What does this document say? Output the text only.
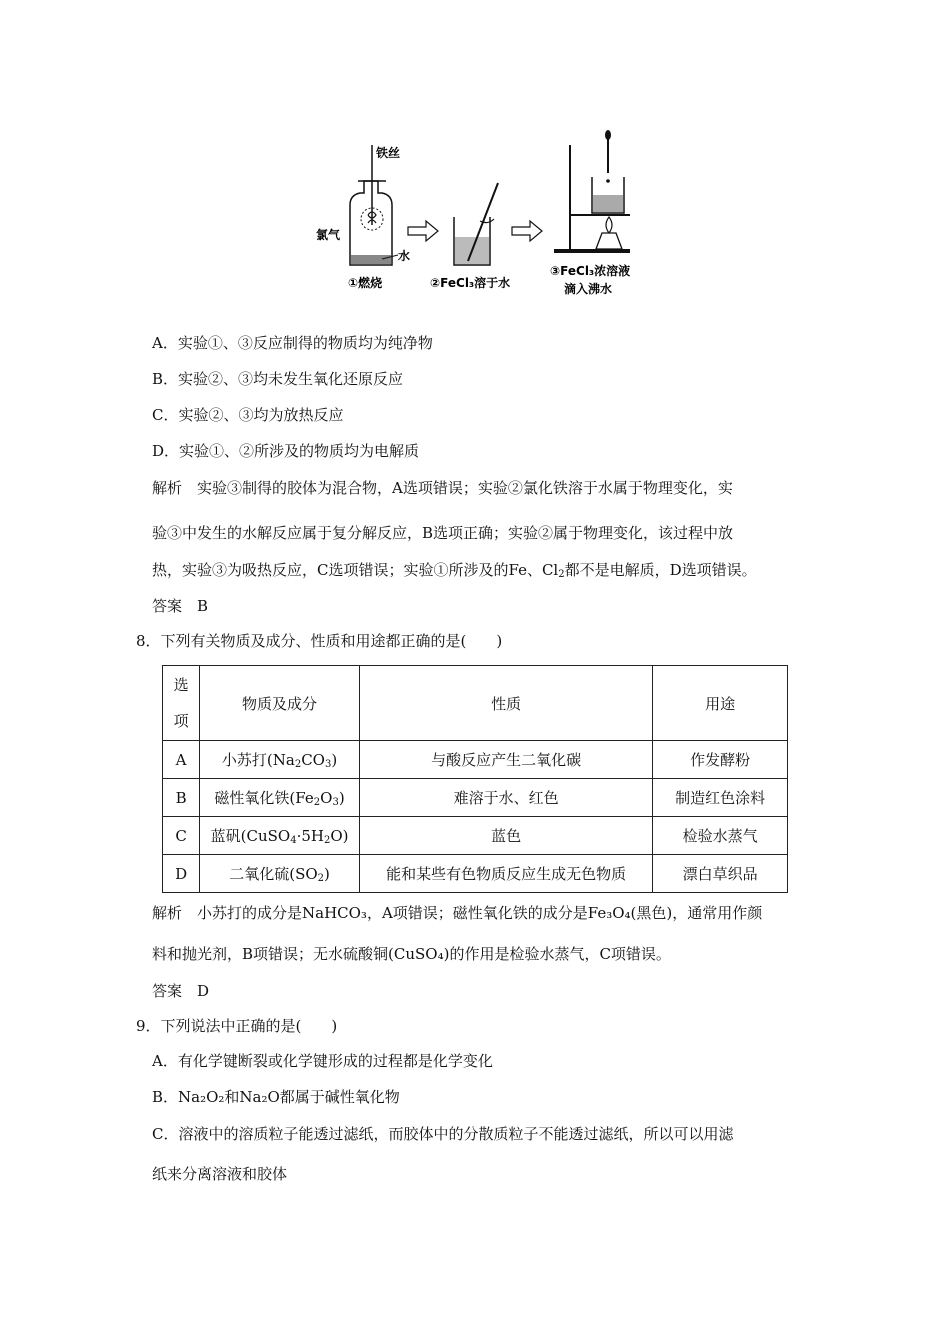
铁丝
氯气
水
①燃烧	②FeCl₃溶于水
③FeCl₃浓溶液
滴入沸水
A．实验①、③反应制得的物质均为纯净物
B．实验②、③均未发生氧化还原反应
C．实验②、③均为放热反应
D．实验①、②所涉及的物质均为电解质
解析　实验③制得的胶体为混合物，A选项错误；实验②氯化铁溶于水属于物理变化，实
验③中发生的水解反应属于复分解反应，B选项正确；实验②属于物理变化，该过程中放
热，实验③为吸热反应，C选项错误；实验①所涉及的Fe、$Cl_2$都不是电解质，D选项错误。
答案　B
8．下列有关物质及成分、性质和用途都正确的是(　　)
选
项	物质及成分	性质	用途
A	小苏打$(Na_2CO_3)$	与酸反应产生二氧化碳	作发酵粉
B	磁性氧化铁$(Fe_2O_3)$	难溶于水、红色	制造红色涂料
C	蓝矾$(CuSO_4\cdot 5H_2O)$	蓝色	检验水蒸气
D	二氧化硫$(SO_2)$	能和某些有色物质反应生成无色物质	漂白草织品
解析　小苏打的成分是NaHCO₃，A项错误；磁性氧化铁的成分是Fe₃O₄(黑色)，通常用作颜
料和抛光剂，B项错误；无水硫酸铜(CuSO₄)的作用是检验水蒸气，C项错误。
答案　D
9．下列说法中正确的是(　　)
A．有化学键断裂或化学键形成的过程都是化学变化
B．Na₂O₂和Na₂O都属于碱性氧化物
C．溶液中的溶质粒子能透过滤纸，而胶体中的分散质粒子不能透过滤纸，所以可以用滤
纸来分离溶液和胶体
